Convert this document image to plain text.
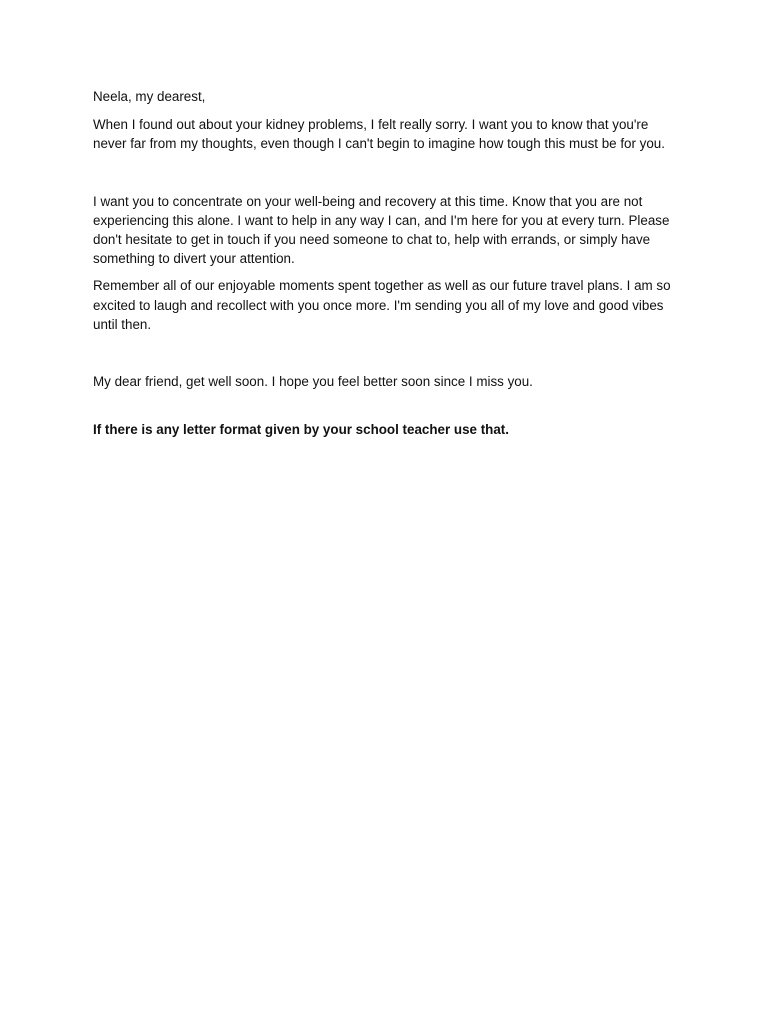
Neela, my dearest,

When I found out about your kidney problems, I felt really sorry. I want you to know that you're never far from my thoughts, even though I can't begin to imagine how tough this must be for you.

I want you to concentrate on your well-being and recovery at this time. Know that you are not experiencing this alone. I want to help in any way I can, and I'm here for you at every turn. Please don't hesitate to get in touch if you need someone to chat to, help with errands, or simply have something to divert your attention.

Remember all of our enjoyable moments spent together as well as our future travel plans. I am so excited to laugh and recollect with you once more. I'm sending you all of my love and good vibes until then.

My dear friend, get well soon. I hope you feel better soon since I miss you.

If there is any letter format given by your school teacher use that.
